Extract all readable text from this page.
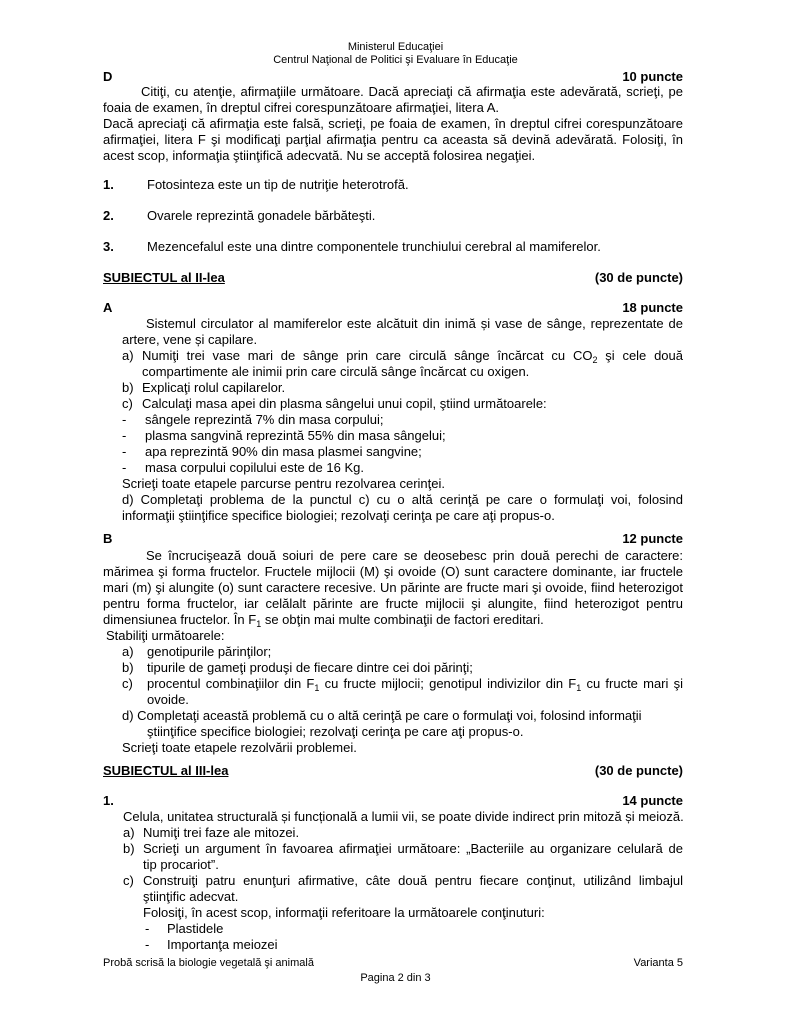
Ministerul Educaţiei
Centrul Naţional de Politici şi Evaluare în Educaţie
D	10 puncte
Citiţi, cu atenţie, afirmaţiile următoare. Dacă apreciaţi că afirmaţia este adevărată, scrieţi, pe
foaia de examen, în dreptul cifrei corespunzătoare afirmaţiei, litera A.
Dacă apreciaţi că afirmaţia este falsă, scrieţi, pe foaia de examen, în dreptul cifrei corespunzătoare
afirmaţiei, litera F şi modificaţi parţial afirmaţia pentru ca aceasta să devină adevărată. Folosiţi, în
acest scop, informaţia ştiinţifică adecvată. Nu se acceptă folosirea negaţiei.
1.	Fotosinteza este un tip de nutriţie heterotrofă.
2.	Ovarele reprezintă gonadele bărbăteşti.
3.	Mezencefalul este una dintre componentele trunchiului cerebral al mamiferelor.
SUBIECTUL al II-lea	(30 de puncte)
A	18 puncte
Sistemul circulator al mamiferelor este alcătuit din inimă și vase de sânge, reprezentate de
artere, vene și capilare.
a) Numiţi trei vase mari de sânge prin care circulă sânge încărcat cu $CO_2$ şi cele două
compartimente ale inimii prin care circulă sânge încărcat cu oxigen.
b) Explicaţi rolul capilarelor.
c) Calculaţi masa apei din plasma sângelui unui copil, ştiind următoarele:
- sângele reprezintă 7% din masa corpului;
- plasma sangvină reprezintă 55% din masa sângelui;
- apa reprezintă 90% din masa plasmei sangvine;
- masa corpului copilului este de 16 Kg.
Scrieţi toate etapele parcurse pentru rezolvarea cerinţei.
d) Completaţi problema de la punctul c) cu o altă cerinţă pe care o formulaţi voi, folosind
informaţii ştiinţifice specifice biologiei; rezolvaţi cerinţa pe care aţi propus-o.
B	12 puncte
Se încrucişează două soiuri de pere care se deosebesc prin două perechi de caractere:
mărimea şi forma fructelor. Fructele mijlocii (M) şi ovoide (O) sunt caractere dominante, iar fructele
mari (m) şi alungite (o) sunt caractere recesive. Un părinte are fructe mari şi ovoide, fiind heterozigot
pentru forma fructelor, iar celălalt părinte are fructe mijlocii şi alungite, fiind heterozigot pentru
dimensiunea fructelor. În $F_1$ se obţin mai multe combinaţii de factori ereditari.
Stabiliţi următoarele:
a) genotipurile părinţilor;
b) tipurile de gameţi produşi de fiecare dintre cei doi părinţi;
c) procentul combinaţiilor din $F_1$ cu fructe mijlocii; genotipul indivizilor din $F_1$ cu fructe mari şi
ovoide.
d) Completaţi această problemă cu o altă cerinţă pe care o formulaţi voi, folosind informaţii
ştiinţifice specifice biologiei; rezolvaţi cerinţa pe care aţi propus-o.
Scrieţi toate etapele rezolvării problemei.
SUBIECTUL al III-lea	(30 de puncte)
1.	14 puncte
Celula, unitatea structurală și funcțională a lumii vii, se poate divide indirect prin mitoză și meioză.
a) Numiţi trei faze ale mitozei.
b) Scrieţi un argument în favoarea afirmaţiei următoare: „Bacteriile au organizare celulară de
tip procariot”.
c) Construiţi patru enunţuri afirmative, câte două pentru fiecare conţinut, utilizând limbajul
ştiinţific adecvat.
Folosiţi, în acest scop, informaţii referitoare la următoarele conţinuturi:
- Plastidele
- Importanţa meiozei
Probă scrisă la biologie vegetală şi animală	Varianta 5
Pagina 2 din 3
